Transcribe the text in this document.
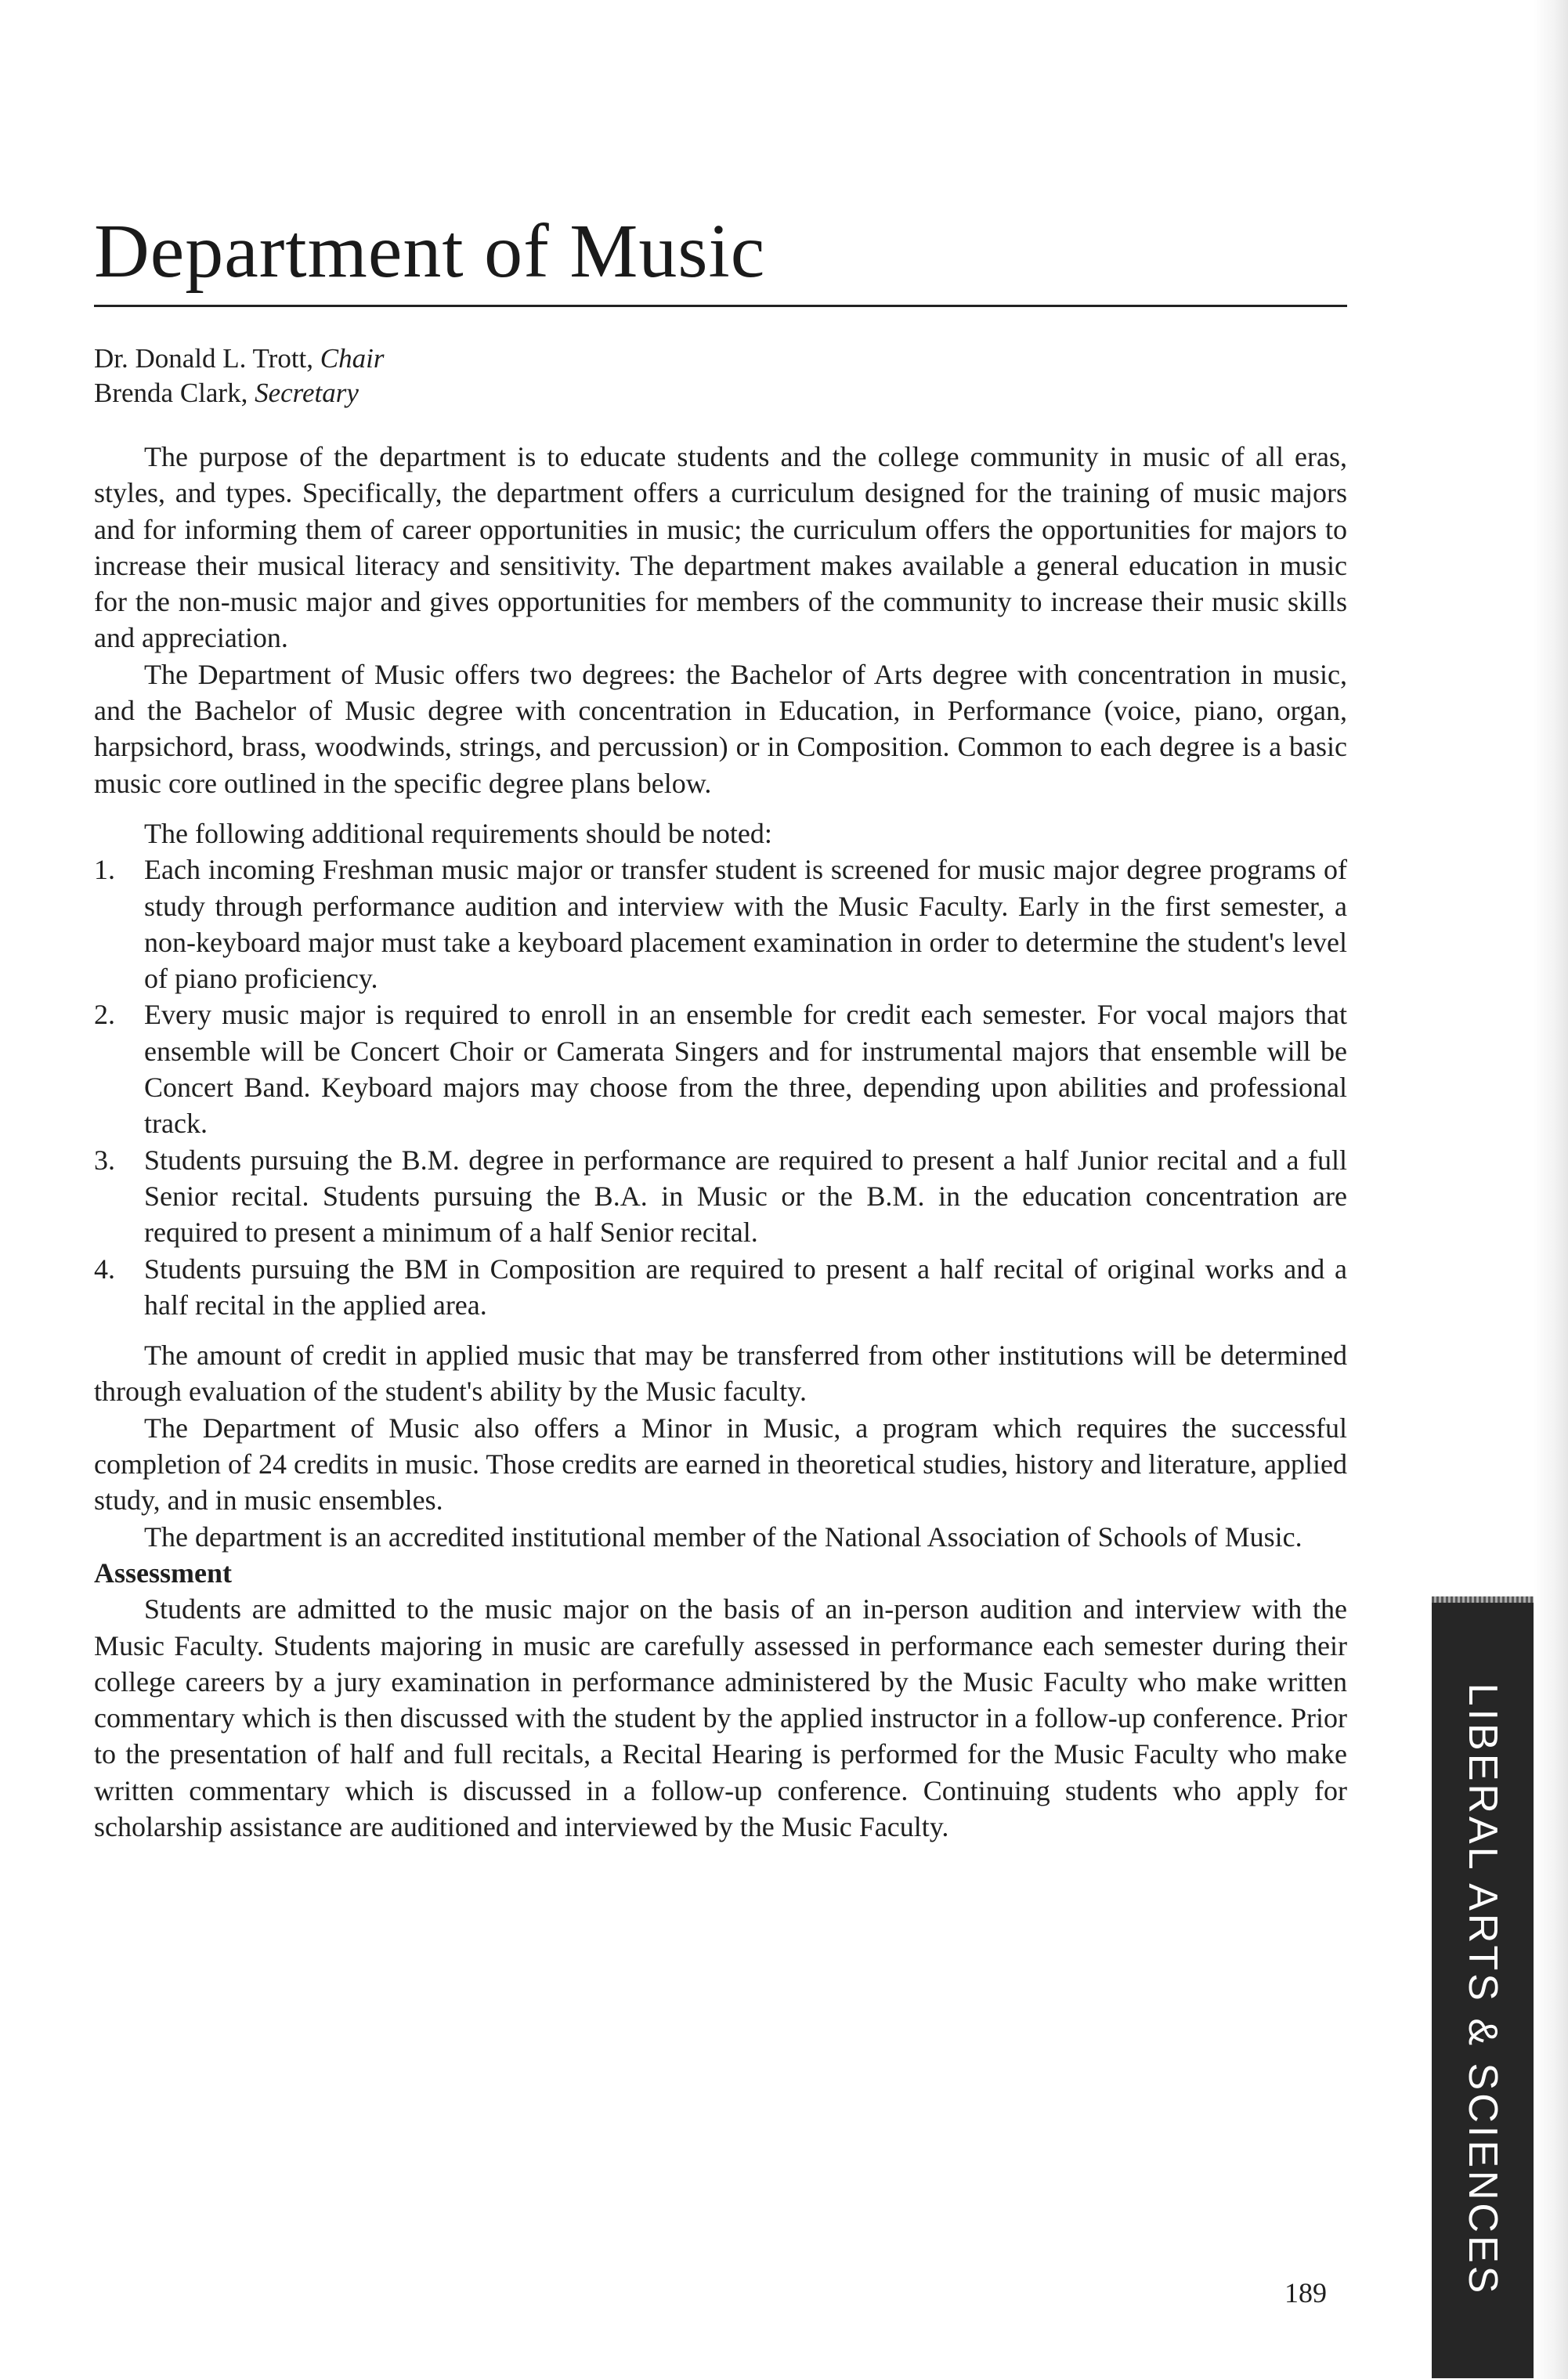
Department of Music
Dr. Donald L. Trott, Chair
Brenda Clark, Secretary

The purpose of the department is to educate students and the college community in music of all eras, styles, and types. Specifically, the department offers a curriculum designed for the training of music majors and for informing them of career opportunities in music; the curriculum offers the opportunities for majors to increase their musical literacy and sensitivity. The department makes available a general education in music for the non-music major and gives opportunities for members of the community to increase their music skills and appreciation.

The Department of Music offers two degrees: the Bachelor of Arts degree with concentration in music, and the Bachelor of Music degree with concentration in Education, in Performance (voice, piano, organ, harpsichord, brass, woodwinds, strings, and percussion) or in Composition. Common to each degree is a basic music core outlined in the specific degree plans below.

The following additional requirements should be noted:

1. Each incoming Freshman music major or transfer student is screened for music major degree programs of study through performance audition and interview with the Music Faculty. Early in the first semester, a non-keyboard major must take a keyboard placement examination in order to determine the student's level of piano proficiency.
2. Every music major is required to enroll in an ensemble for credit each semester. For vocal majors that ensemble will be Concert Choir or Camerata Singers and for instrumental majors that ensemble will be Concert Band. Keyboard majors may choose from the three, depending upon abilities and professional track.
3. Students pursuing the B.M. degree in performance are required to present a half Junior recital and a full Senior recital. Students pursuing the B.A. in Music or the B.M. in the education concentration are required to present a minimum of a half Senior recital.
4. Students pursuing the BM in Composition are required to present a half recital of original works and a half recital in the applied area.

The amount of credit in applied music that may be transferred from other institutions will be determined through evaluation of the student's ability by the Music faculty.

The Department of Music also offers a Minor in Music, a program which requires the successful completion of 24 credits in music. Those credits are earned in theoretical studies, history and literature, applied study, and in music ensembles.

The department is an accredited institutional member of the National Association of Schools of Music.

Assessment

Students are admitted to the music major on the basis of an in-person audition and interview with the Music Faculty. Students majoring in music are carefully assessed in performance each semester during their college careers by a jury examination in performance administered by the Music Faculty who make written commentary which is then discussed with the student by the applied instructor in a follow-up conference. Prior to the presentation of half and full recitals, a Recital Hearing is performed for the Music Faculty who make written commentary which is discussed in a follow-up conference. Continuing students who apply for scholarship assistance are auditioned and interviewed by the Music Faculty.	LIBERAL ARTS & SCIENCES
189
